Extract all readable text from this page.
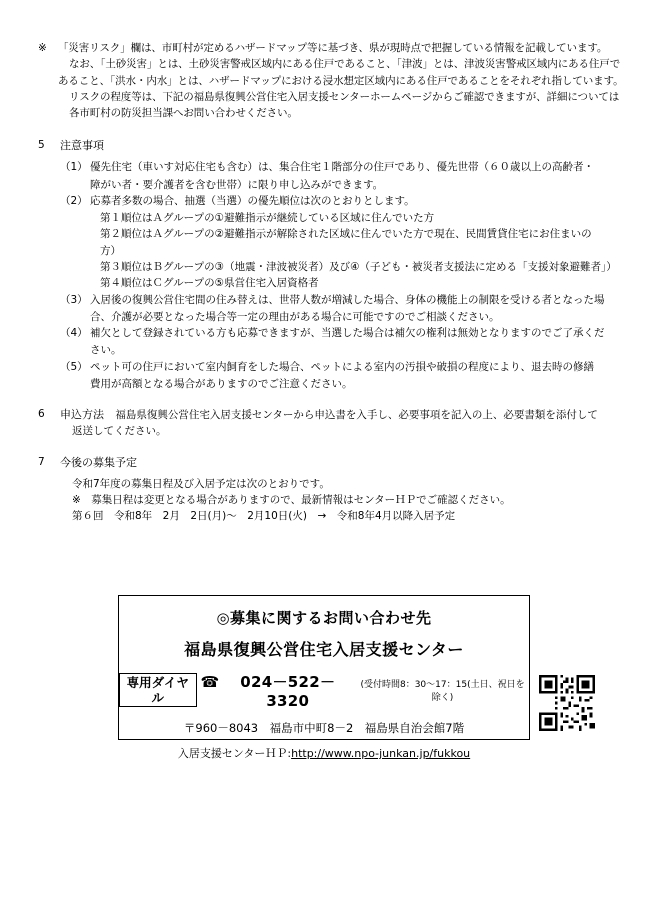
※	「災害リスク」欄は、市町村が定めるハザードマップ等に基づき、県が現時点で把握している情報を記載しています。
なお、「土砂災害」とは、土砂災害警戒区域内にある住戸であること、「津波」とは、津波災害警戒区域内にある住戸で
あること、「洪水・内水」とは、ハザードマップにおける浸水想定区域内にある住戸であることをそれぞれ指しています。
リスクの程度等は、下記の福島県復興公営住宅入居支援センターホームページからご確認できますが、詳細については
各市町村の防災担当課へお問い合わせください。
5	注意事項
（1） 優先住宅（車いす対応住宅も含む）は、集合住宅１階部分の住戸であり、優先世帯（６０歳以上の高齢者・
障がい者・要介護者を含む世帯）に限り申し込みができます。
（2） 応募者多数の場合、抽選（当選）の優先順位は次のとおりとします。
第１順位はＡグループの①避難指示が継続している区域に住んでいた方
第２順位はＡグループの②避難指示が解除された区域に住んでいた方で現在、民間賃貸住宅にお住まいの
方）
第３順位はＢグループの③（地震・津波被災者）及び④（子ども・被災者支援法に定める「支援対象避難者」）
第４順位はＣグループの⑤県営住宅入居資格者
（3） 入居後の復興公営住宅間の住み替えは、世帯人数が増減した場合、身体の機能上の制限を受ける者となった場
合、介護が必要となった場合等一定の理由がある場合に可能ですのでご相談ください。
（4） 補欠として登録されている方も応募できますが、当選した場合は補欠の権利は無効となりますのでご了承くだ
さい。
（5） ペット可の住戸において室内飼育をした場合、ペットによる室内の汚損や破損の程度により、退去時の修繕
費用が高額となる場合がありますのでご注意ください。
6	申込方法 福島県復興公営住宅入居支援センターから申込書を入手し、必要事項を記入の上、必要書類を添付して
返送してください。
7	今後の募集予定
令和7年度の募集日程及び入居予定は次のとおりです。
※　募集日程は変更となる場合がありますので、最新情報はセンターＨＰでご確認ください。
第６回　令和8年　2月　2日(月)～　2月10日(火)　→　令和8年4月以降入居予定
◎募集に関するお問い合わせ先
福島県復興公営住宅入居支援センター
専用ダイヤル
☎	024－522－3320
(受付時間8：30～17：15(土日、祝日を除く)
〒960－8043　福島市中町8－2　福島県自治会館7階
入居支援センターＨＰ:http://www.npo-junkan.jp/fukkou
